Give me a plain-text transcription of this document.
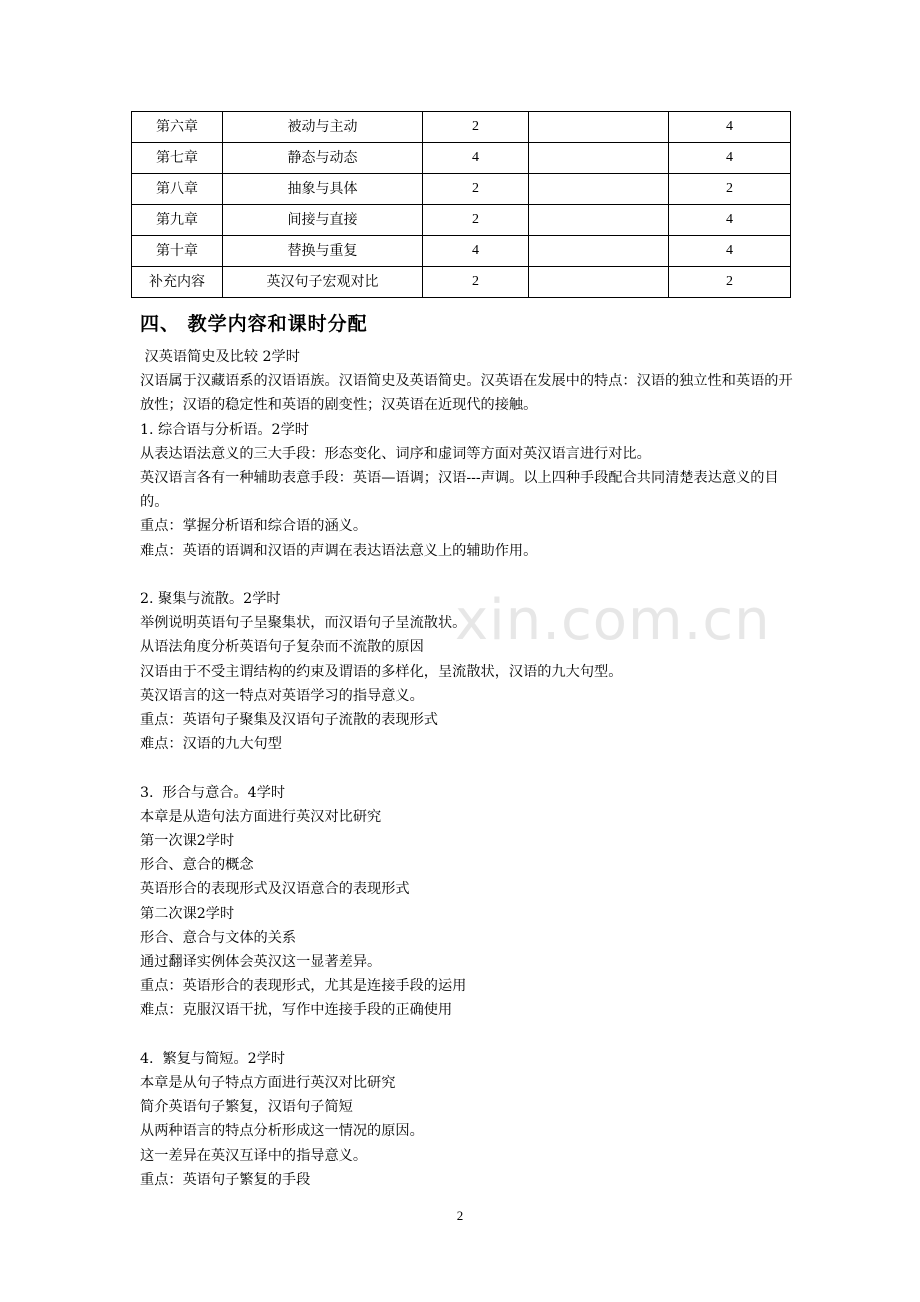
第六章	被动与主动	2		4
第七章	静态与动态	4		4
第八章	抽象与具体	2		2
第九章	间接与直接	2		4
第十章	替换与重复	4		4
补充内容	英汉句子宏观对比	2		2
四、 教学内容和课时分配

汉英语简史及比较 2学时

汉语属于汉藏语系的汉语语族。汉语简史及英语简史。汉英语在发展中的特点：汉语的独立性和英语的开放性；汉语的稳定性和英语的剧变性；汉英语在近现代的接触。

1. 综合语与分析语。2学时

从表达语法意义的三大手段：形态变化、词序和虚词等方面对英汉语言进行对比。

英汉语言各有一种辅助表意手段：英语—语调；汉语---声调。以上四种手段配合共同清楚表达意义的目的。

重点：掌握分析语和综合语的涵义。

难点：英语的语调和汉语的声调在表达语法意义上的辅助作用。

2. 聚集与流散。2学时

举例说明英语句子呈聚集状，而汉语句子呈流散状。

从语法角度分析英语句子复杂而不流散的原因

汉语由于不受主谓结构的约束及谓语的多样化，呈流散状，汉语的九大句型。

英汉语言的这一特点对英语学习的指导意义。

重点：英语句子聚集及汉语句子流散的表现形式

难点：汉语的九大句型

3.  形合与意合。4学时

本章是从造句法方面进行英汉对比研究

第一次课2学时

形合、意合的概念

英语形合的表现形式及汉语意合的表现形式

第二次课2学时

形合、意合与文体的关系

通过翻译实例体会英汉这一显著差异。

重点：英语形合的表现形式，尤其是连接手段的运用

难点：克服汉语干扰，写作中连接手段的正确使用

4.  繁复与简短。2学时

本章是从句子特点方面进行英汉对比研究

简介英语句子繁复，汉语句子简短

从两种语言的特点分析形成这一情况的原因。

这一差异在英汉互译中的指导意义。

重点：英语句子繁复的手段

xin.com.cn
2
